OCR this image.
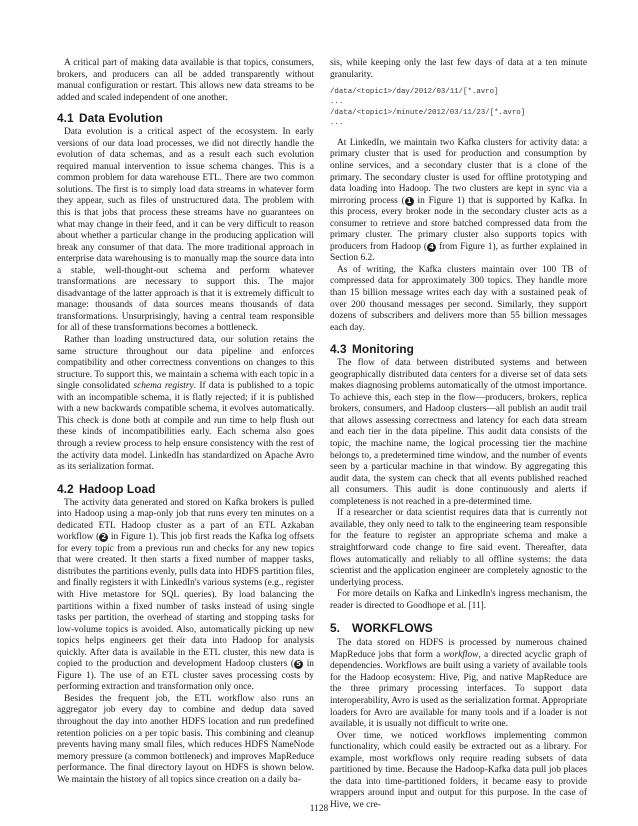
A critical part of making data available is that topics, consumers, brokers, and producers can all be added transparently without manual configuration or restart. This allows new data streams to be added and scaled independent of one another.

4.1 Data Evolution

Data evolution is a critical aspect of the ecosystem. In early versions of our data load processes, we did not directly handle the evolution of data schemas, and as a result each such evolution required manual intervention to issue schema changes. This is a common problem for data warehouse ETL. There are two common solutions. The first is to simply load data streams in whatever form they appear, such as files of unstructured data. The problem with this is that jobs that process these streams have no guarantees on what may change in their feed, and it can be very difficult to reason about whether a particular change in the producing application will break any consumer of that data. The more traditional approach in enterprise data warehousing is to manually map the source data into a stable, well-thought-out schema and perform whatever transformations are necessary to support this. The major disadvantage of the latter approach is that it is extremely difficult to manage: thousands of data sources means thousands of data transformations. Unsurprisingly, having a central team responsible for all of these transformations becomes a bottleneck.

Rather than loading unstructured data, our solution retains the same structure throughout our data pipeline and enforces compatibility and other correctness conventions on changes to this structure. To support this, we maintain a schema with each topic in a single consolidated schema registry. If data is published to a topic with an incompatible schema, it is flatly rejected; if it is published with a new backwards compatible schema, it evolves automatically. This check is done both at compile and run time to help flush out these kinds of incompatibilities early. Each schema also goes through a review process to help ensure consistency with the rest of the activity data model. LinkedIn has standardized on Apache Avro as its serialization format.

4.2 Hadoop Load

The activity data generated and stored on Kafka brokers is pulled into Hadoop using a map-only job that runs every ten minutes on a dedicated ETL Hadoop cluster as a part of an ETL Azkaban workflow ( 2 in Figure 1). This job first reads the Kafka log offsets for every topic from a previous run and checks for any new topics that were created. It then starts a fixed number of mapper tasks, distributes the partitions evenly, pulls data into HDFS partition files, and finally registers it with LinkedIn's various systems (e.g., register with Hive metastore for SQL queries). By load balancing the partitions within a fixed number of tasks instead of using single tasks per partition, the overhead of starting and stopping tasks for low-volume topics is avoided. Also, automatically picking up new topics helps engineers get their data into Hadoop for analysis quickly. After data is available in the ETL cluster, this new data is copied to the production and development Hadoop clusters ( 5 in Figure 1). The use of an ETL cluster saves processing costs by performing extraction and transformation only once.

Besides the frequent job, the ETL workflow also runs an aggregator job every day to combine and dedup data saved throughout the day into another HDFS location and run predefined retention policies on a per topic basis. This combining and cleanup prevents having many small files, which reduces HDFS NameNode memory pressure (a common bottleneck) and improves MapReduce performance. The final directory layout on HDFS is shown below. We maintain the history of all topics since creation on a daily ba-

sis, while keeping only the last few days of data at a ten minute granularity.

/data/<topic1>/day/2012/03/11/[*.avro]
...
/data/<topic1>/minute/2012/03/11/23/[*.avro]
...

At LinkedIn, we maintain two Kafka clusters for activity data: a primary cluster that is used for production and consumption by online services, and a secondary cluster that is a clone of the primary. The secondary cluster is used for offline prototyping and data loading into Hadoop. The two clusters are kept in sync via a mirroring process ( 1 in Figure 1) that is supported by Kafka. In this process, every broker node in the secondary cluster acts as a consumer to retrieve and store batched compressed data from the primary cluster. The primary cluster also supports topics with producers from Hadoop ( 4 from Figure 1), as further explained in Section 6.2.

As of writing, the Kafka clusters maintain over 100 TB of compressed data for approximately 300 topics. They handle more than 15 billion message writes each day with a sustained peak of over 200 thousand messages per second. Similarly, they support dozens of subscribers and delivers more than 55 billion messages each day.

4.3 Monitoring

The flow of data between distributed systems and between geographically distributed data centers for a diverse set of data sets makes diagnosing problems automatically of the utmost importance. To achieve this, each step in the flow—producers, brokers, replica brokers, consumers, and Hadoop clusters—all publish an audit trail that allows assessing correctness and latency for each data stream and each tier in the data pipeline. This audit data consists of the topic, the machine name, the logical processing tier the machine belongs to, a predetermined time window, and the number of events seen by a particular machine in that window. By aggregating this audit data, the system can check that all events published reached all consumers. This audit is done continuously and alerts if completeness is not reached in a pre-determined time.

If a researcher or data scientist requires data that is currently not available, they only need to talk to the engineering team responsible for the feature to register an appropriate schema and make a straightforward code change to fire said event. Thereafter, data flows automatically and reliably to all offline systems: the data scientist and the application engineer are completely agnostic to the underlying process.

For more details on Kafka and LinkedIn's ingress mechanism, the reader is directed to Goodhope et al. [11].

5. WORKFLOWS

The data stored on HDFS is processed by numerous chained MapReduce jobs that form a workflow, a directed acyclic graph of dependencies. Workflows are built using a variety of available tools for the Hadoop ecosystem: Hive, Pig, and native MapReduce are the three primary processing interfaces. To support data interoperability, Avro is used as the serialization format. Appropriate loaders for Avro are available for many tools and if a loader is not available, it is usually not difficult to write one.

Over time, we noticed workflows implementing common functionality, which could easily be extracted out as a library. For example, most workflows only require reading subsets of data partitioned by time. Because the Hadoop-Kafka data pull job places the data into time-partitioned folders, it became easy to provide wrappers around input and output for this purpose. In the case of Hive, we cre-

1128
